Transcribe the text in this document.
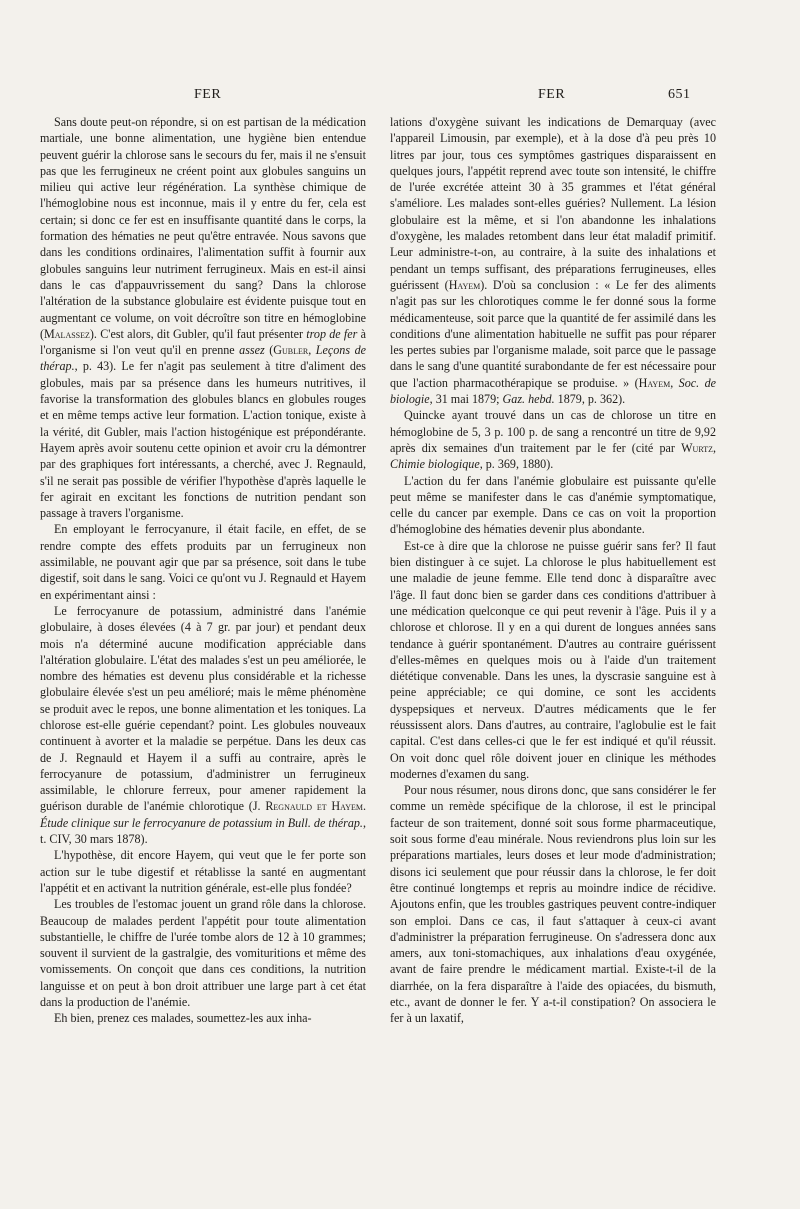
FER	FER	651

Sans doute peut-on répondre, si on est partisan de la médication martiale, une bonne alimentation, une hygiène bien entendue peuvent guérir la chlorose sans le secours du fer, mais il ne s'ensuit pas que les ferrugineux ne créent point aux globules sanguins un milieu qui active leur régénération. La synthèse chimique de l'hémoglobine nous est inconnue, mais il y entre du fer, cela est certain; si donc ce fer est en insuffisante quantité dans le corps, la formation des hématies ne peut qu'être entravée. Nous savons que dans les conditions ordinaires, l'alimentation suffit à fournir aux globules sanguins leur nutriment ferrugineux. Mais en est-il ainsi dans le cas d'appauvrissement du sang? Dans la chlorose l'altération de la substance globulaire est évidente puisque tout en augmentant ce volume, on voit décroître son titre en hémoglobine (Malassez). C'est alors, dit Gubler, qu'il faut présenter trop de fer à l'organisme si l'on veut qu'il en prenne assez (Gubler, Leçons de thérap., p. 43). Le fer n'agit pas seulement à titre d'aliment des globules, mais par sa présence dans les humeurs nutritives, il favorise la transformation des globules blancs en globules rouges et en même temps active leur formation. L'action tonique, existe à la vérité, dit Gubler, mais l'action histogénique est prépondérante. Hayem après avoir soutenu cette opinion et avoir cru la démontrer par des graphiques fort intéressants, a cherché, avec J. Regnauld, s'il ne serait pas possible de vérifier l'hypothèse d'après laquelle le fer agirait en excitant les fonctions de nutrition pendant son passage à travers l'organisme.

En employant le ferrocyanure, il était facile, en effet, de se rendre compte des effets produits par un ferrugineux non assimilable, ne pouvant agir que par sa présence, soit dans le tube digestif, soit dans le sang. Voici ce qu'ont vu J. Regnauld et Hayem en expérimentant ainsi :

Le ferrocyanure de potassium, administré dans l'anémie globulaire, à doses élevées (4 à 7 gr. par jour) et pendant deux mois n'a déterminé aucune modification appréciable dans l'altération globulaire. L'état des malades s'est un peu améliorée, le nombre des hématies est devenu plus considérable et la richesse globulaire élevée s'est un peu amélioré; mais le même phénomène se produit avec le repos, une bonne alimentation et les toniques. La chlorose est-elle guérie cependant? point. Les globules nouveaux continuent à avorter et la maladie se perpétue. Dans les deux cas de J. Regnauld et Hayem il a suffi au contraire, après le ferrocyanure de potassium, d'administrer un ferrugineux assimilable, le chlorure ferreux, pour amener rapidement la guérison durable de l'anémie chlorotique (J. Regnauld et Hayem. Étude clinique sur le ferrocyanure de potassium in Bull. de thérap., t. CIV, 30 mars 1878).

L'hypothèse, dit encore Hayem, qui veut que le fer porte son action sur le tube digestif et rétablisse la santé en augmentant l'appétit et en activant la nutrition générale, est-elle plus fondée?

Les troubles de l'estomac jouent un grand rôle dans la chlorose. Beaucoup de malades perdent l'appétit pour toute alimentation substantielle, le chiffre de l'urée tombe alors de 12 à 10 grammes; souvent il survient de la gastralgie, des vomituritions et même des vomissements. On conçoit que dans ces conditions, la nutrition languisse et on peut à bon droit attribuer une large part à cet état dans la production de l'anémie.

Eh bien, prenez ces malades, soumettez-les aux inha-

lations d'oxygène suivant les indications de Demarquay (avec l'appareil Limousin, par exemple), et à la dose d'à peu près 10 litres par jour, tous ces symptômes gastriques disparaissent en quelques jours, l'appétit reprend avec toute son intensité, le chiffre de l'urée excrétée atteint 30 à 35 grammes et l'état général s'améliore. Les malades sont-elles guéries? Nullement. La lésion globulaire est la même, et si l'on abandonne les inhalations d'oxygène, les malades retombent dans leur état maladif primitif. Leur administre-t-on, au contraire, à la suite des inhalations et pendant un temps suffisant, des préparations ferrugineuses, elles guérissent (Hayem). D'où sa conclusion : « Le fer des aliments n'agit pas sur les chlorotiques comme le fer donné sous la forme médicamenteuse, soit parce que la quantité de fer assimilé dans les conditions d'une alimentation habituelle ne suffit pas pour réparer les pertes subies par l'organisme malade, soit parce que le passage dans le sang d'une quantité surabondante de fer est nécessaire pour que l'action pharmacothérapique se produise. » (Hayem, Soc. de biologie, 31 mai 1879; Gaz. hebd. 1879, p. 362).

Quincke ayant trouvé dans un cas de chlorose un titre en hémoglobine de 5, 3 p. 100 p. de sang a rencontré un titre de 9,92 après dix semaines d'un traitement par le fer (cité par Wurtz, Chimie biologique, p. 369, 1880).

L'action du fer dans l'anémie globulaire est puissante qu'elle peut même se manifester dans le cas d'anémie symptomatique, celle du cancer par exemple. Dans ce cas on voit la proportion d'hémoglobine des hématies devenir plus abondante.

Est-ce à dire que la chlorose ne puisse guérir sans fer? Il faut bien distinguer à ce sujet. La chlorose le plus habituellement est une maladie de jeune femme. Elle tend donc à disparaître avec l'âge. Il faut donc bien se garder dans ces conditions d'attribuer à une médication quelconque ce qui peut revenir à l'âge. Puis il y a chlorose et chlorose. Il y en a qui durent de longues années sans tendance à guérir spontanément. D'autres au contraire guérissent d'elles-mêmes en quelques mois ou à l'aide d'un traitement diététique convenable. Dans les unes, la dyscrasie sanguine est à peine appréciable; ce qui domine, ce sont les accidents dyspepsiques et nerveux. D'autres médicaments que le fer réussissent alors. Dans d'autres, au contraire, l'aglobulie est le fait capital. C'est dans celles-ci que le fer est indiqué et qu'il réussit. On voit donc quel rôle doivent jouer en clinique les méthodes modernes d'examen du sang.

Pour nous résumer, nous dirons donc, que sans considérer le fer comme un remède spécifique de la chlorose, il est le principal facteur de son traitement, donné soit sous forme pharmaceutique, soit sous forme d'eau minérale. Nous reviendrons plus loin sur les préparations martiales, leurs doses et leur mode d'administration; disons ici seulement que pour réussir dans la chlorose, le fer doit être continué longtemps et repris au moindre indice de récidive. Ajoutons enfin, que les troubles gastriques peuvent contre-indiquer son emploi. Dans ce cas, il faut s'attaquer à ceux-ci avant d'administrer la préparation ferrugineuse. On s'adressera donc aux amers, aux toni-stomachiques, aux inhalations d'eau oxygénée, avant de faire prendre le médicament martial. Existe-t-il de la diarrhée, on la fera disparaître à l'aide des opiacées, du bismuth, etc., avant de donner le fer. Y a-t-il constipation? On associera le fer à un laxatif,
